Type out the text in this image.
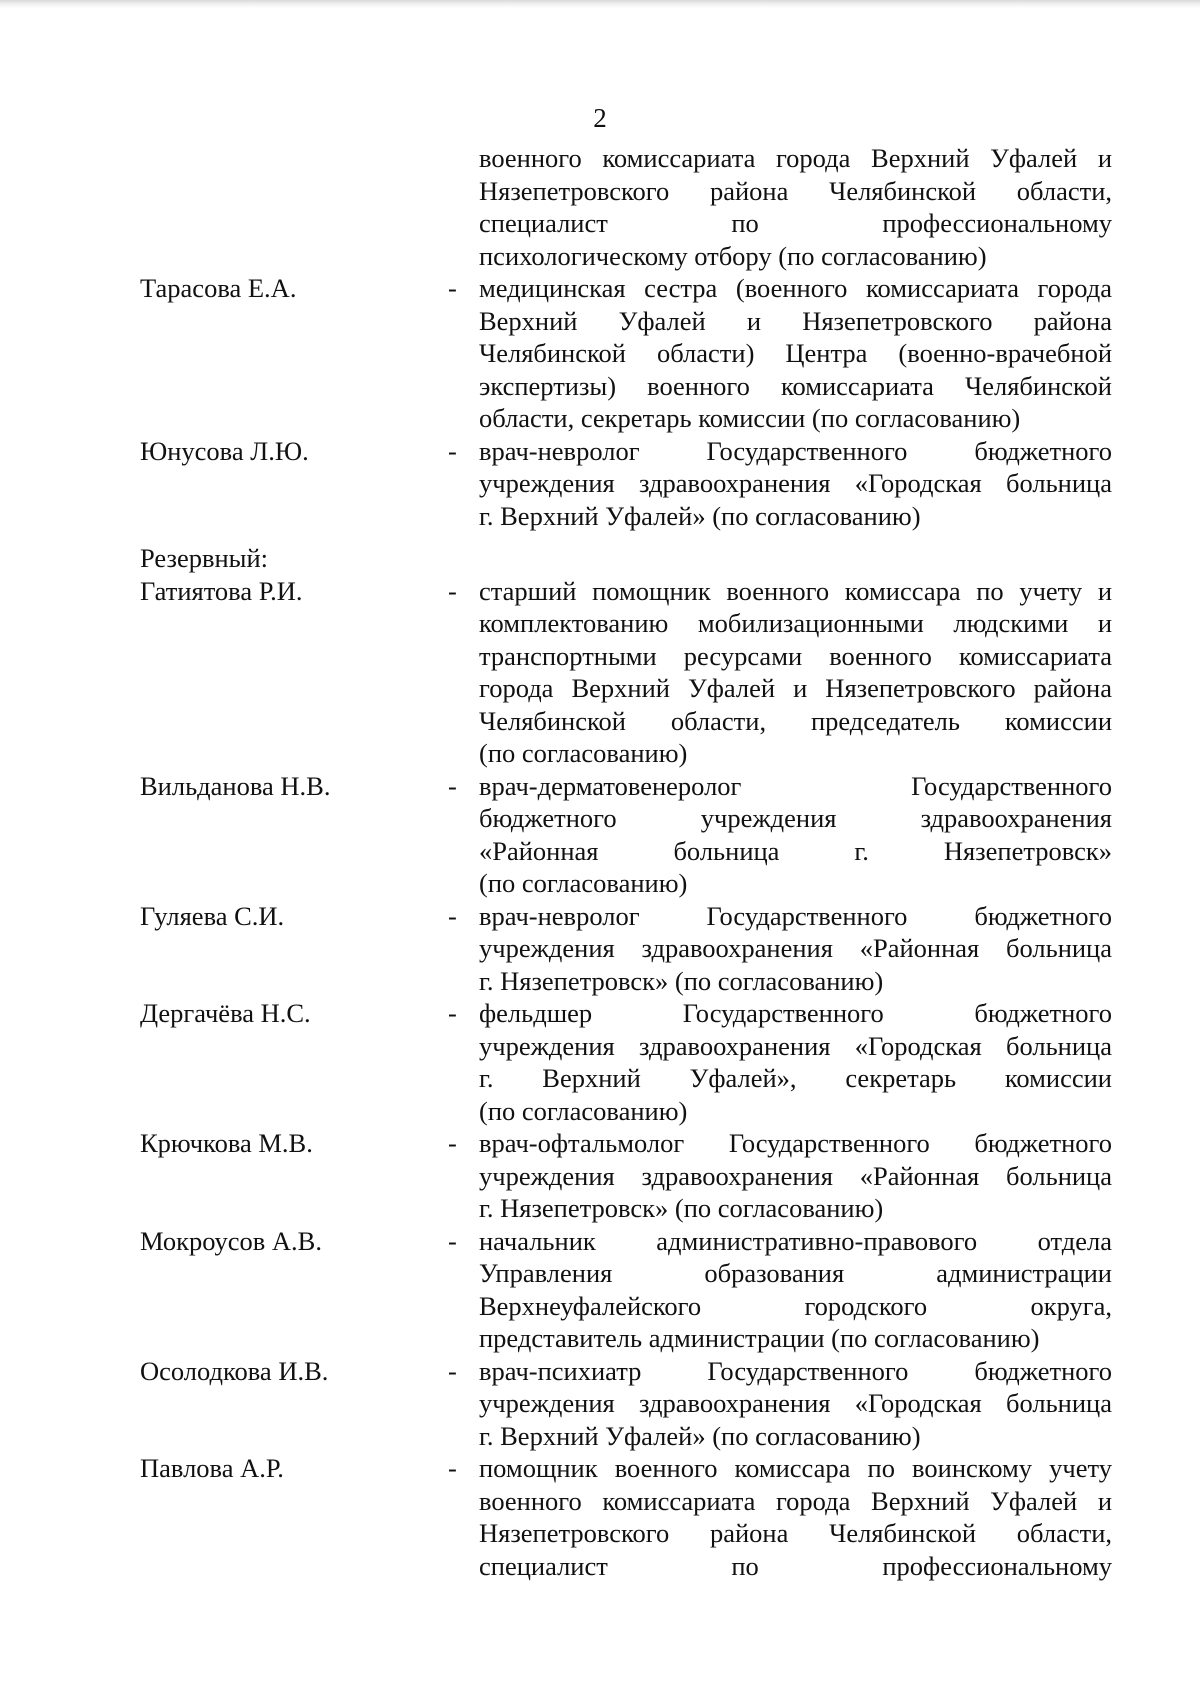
2
военного комиссариата города Верхний Уфалей и
Нязепетровского района Челябинской области,
специалист по профессиональному
психологическому отбору (по согласованию)
Тарасова Е.А.	- медицинская сестра (военного комиссариата города
Верхний Уфалей и Нязепетровского района
Челябинской области) Центра (военно-врачебной
экспертизы) военного комиссариата Челябинской
области, секретарь комиссии (по согласованию)
Юнусова Л.Ю.	- врач-невролог Государственного бюджетного
учреждения здравоохранения «Городская больница
г. Верхний Уфалей» (по согласованию)
Резервный:
Гатиятова Р.И.	- старший помощник военного комиссара по учету и
комплектованию мобилизационными людскими и
транспортными ресурсами военного комиссариата
города Верхний Уфалей и Нязепетровского района
Челябинской области, председатель комиссии
(по согласованию)
Вильданова Н.В.	- врач-дерматовенеролог Государственного
бюджетного учреждения здравоохранения
«Районная больница г. Нязепетровск»
(по согласованию)
Гуляева С.И.	- врач-невролог Государственного бюджетного
учреждения здравоохранения «Районная больница
г. Нязепетровск» (по согласованию)
Дергачёва Н.С.	- фельдшер Государственного бюджетного
учреждения здравоохранения «Городская больница
г. Верхний Уфалей», секретарь комиссии
(по согласованию)
Крючкова М.В.	- врач-офтальмолог Государственного бюджетного
учреждения здравоохранения «Районная больница
г. Нязепетровск» (по согласованию)
Мокроусов А.В.	- начальник административно-правового отдела
Управления образования администрации
Верхнеуфалейского городского округа,
представитель администрации (по согласованию)
Осолодкова И.В.	- врач-психиатр Государственного бюджетного
учреждения здравоохранения «Городская больница
г. Верхний Уфалей» (по согласованию)
Павлова А.Р.	- помощник военного комиссара по воинскому учету
военного комиссариата города Верхний Уфалей и
Нязепетровского района Челябинской области,
специалист по профессиональному
